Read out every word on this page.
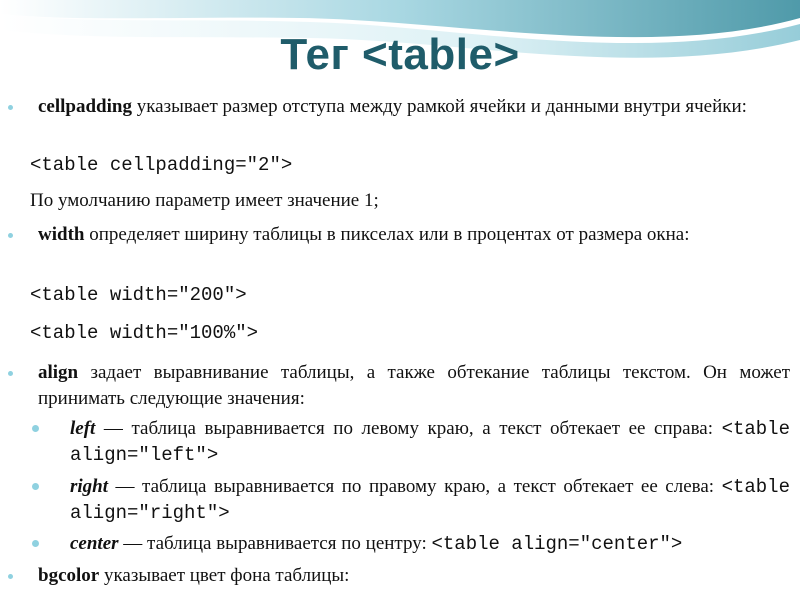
Тег <table>
cellpadding указывает размер отступа между рамкой ячейки и данными внутри ячейки:
<table cellpadding="2">
По умолчанию параметр имеет значение 1;
width определяет ширину таблицы в пикселах или в процентах от размера окна:
<table width="200">
<table width="100%">
align задает выравнивание таблицы, а также обтекание таблицы текстом. Он может принимать следующие значения:
left — таблица выравнивается по левому краю, а текст обтекает ее справа: <table align="left">
right — таблица выравнивается по правому краю, а текст обтекает ее слева: <table align="right">
center — таблица выравнивается по центру: <table align="center">
bgcolor указывает цвет фона таблицы:
